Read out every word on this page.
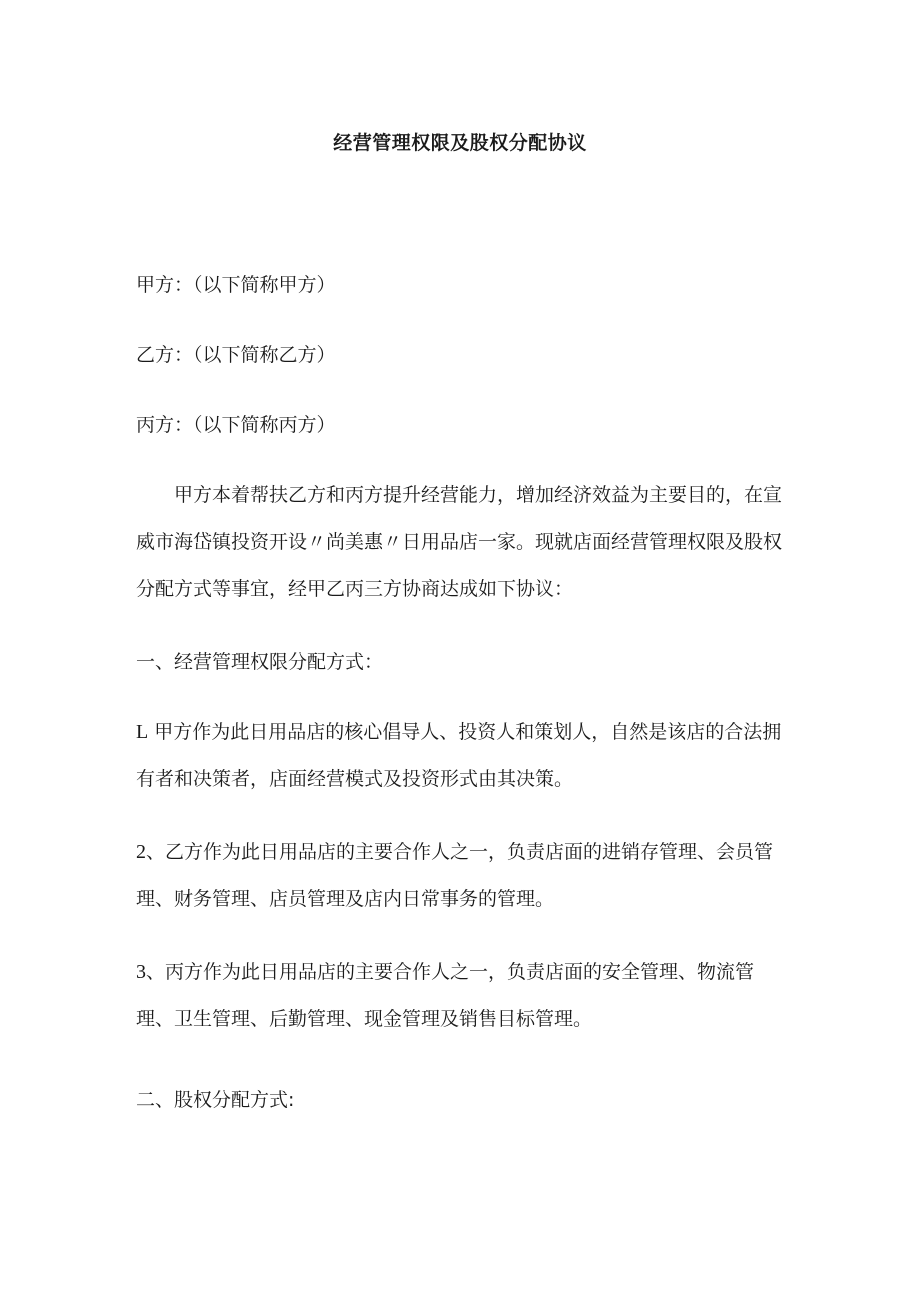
经营管理权限及股权分配协议

甲方：（以下简称甲方）

乙方：（以下简称乙方）

丙方：（以下简称丙方）

甲方本着帮扶乙方和丙方提升经营能力，增加经济效益为主要目的，在宣威市海岱镇投资开设〃尚美惠〃日用品店一家。现就店面经营管理权限及股权分配方式等事宜，经甲乙丙三方协商达成如下协议：

一、经营管理权限分配方式：

L 甲方作为此日用品店的核心倡导人、投资人和策划人，自然是该店的合法拥有者和决策者，店面经营模式及投资形式由其决策。

2、乙方作为此日用品店的主要合作人之一，负责店面的进销存管理、会员管理、财务管理、店员管理及店内日常事务的管理。

3、丙方作为此日用品店的主要合作人之一，负责店面的安全管理、物流管理、卫生管理、后勤管理、现金管理及销售目标管理。

二、股权分配方式:
